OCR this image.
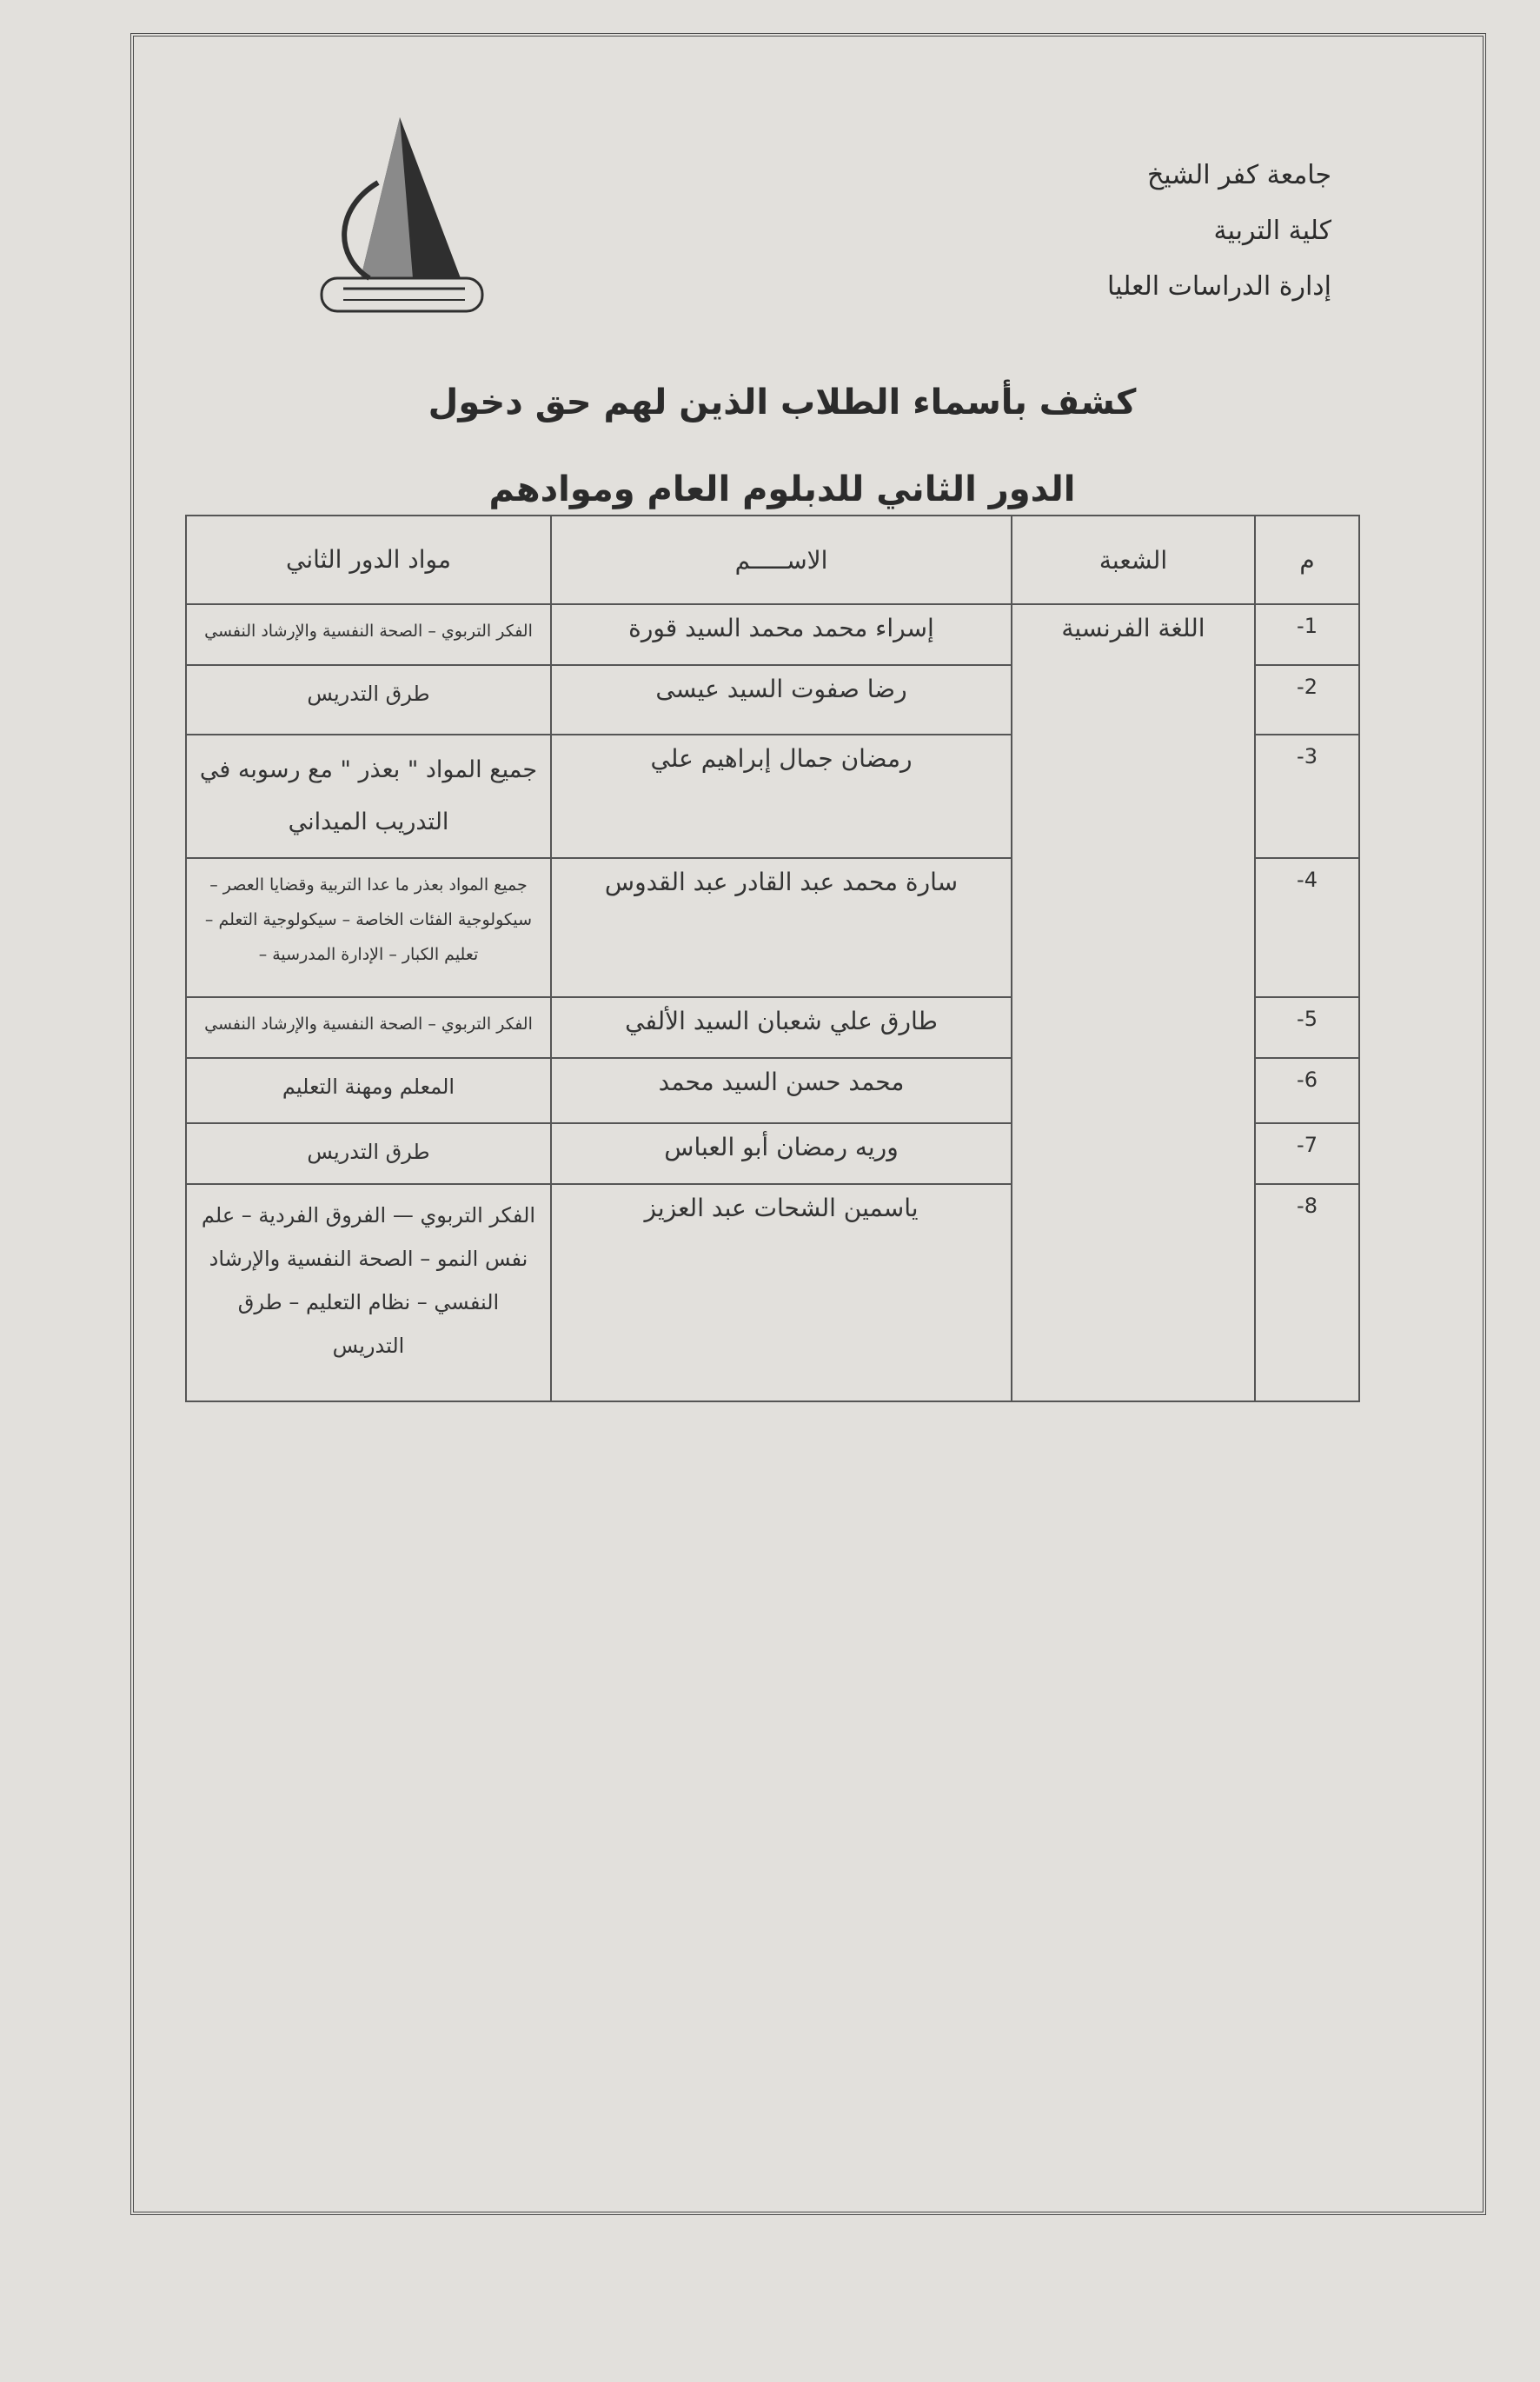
جامعة كفر الشيخ
كلية التربية
إدارة الدراسات العليا
كشف بأسماء الطلاب الذين لهم حق دخول
الدور الثاني للدبلوم العام وموادهم
م	الشعبة	الاســـــم	مواد الدور الثاني
1-	اللغة الفرنسية	إسراء محمد محمد السيد قورة	الفكر التربوي – الصحة النفسية والإرشاد النفسي
2-		رضا صفوت السيد عيسى	طرق التدريس
3-		رمضان جمال إبراهيم علي	جميع المواد " بعذر " مع رسوبه في التدريب الميداني
4-		سارة محمد عبد القادر عبد القدوس	جميع المواد بعذر ما عدا التربية وقضايا العصر – سيكولوجية الفئات الخاصة – سيكولوجية التعلم – تعليم الكبار – الإدارة المدرسية –
5-		طارق علي شعبان السيد الألفي	الفكر التربوي – الصحة النفسية والإرشاد النفسي
6-		محمد حسن السيد محمد	المعلم ومهنة التعليم
7-		وريه رمضان أبو العباس	طرق التدريس
8-		ياسمين الشحات عبد العزيز	الفكر التربوي — الفروق الفردية – علم نفس النمو – الصحة النفسية والإرشاد النفسي – نظام التعليم – طرق التدريس
